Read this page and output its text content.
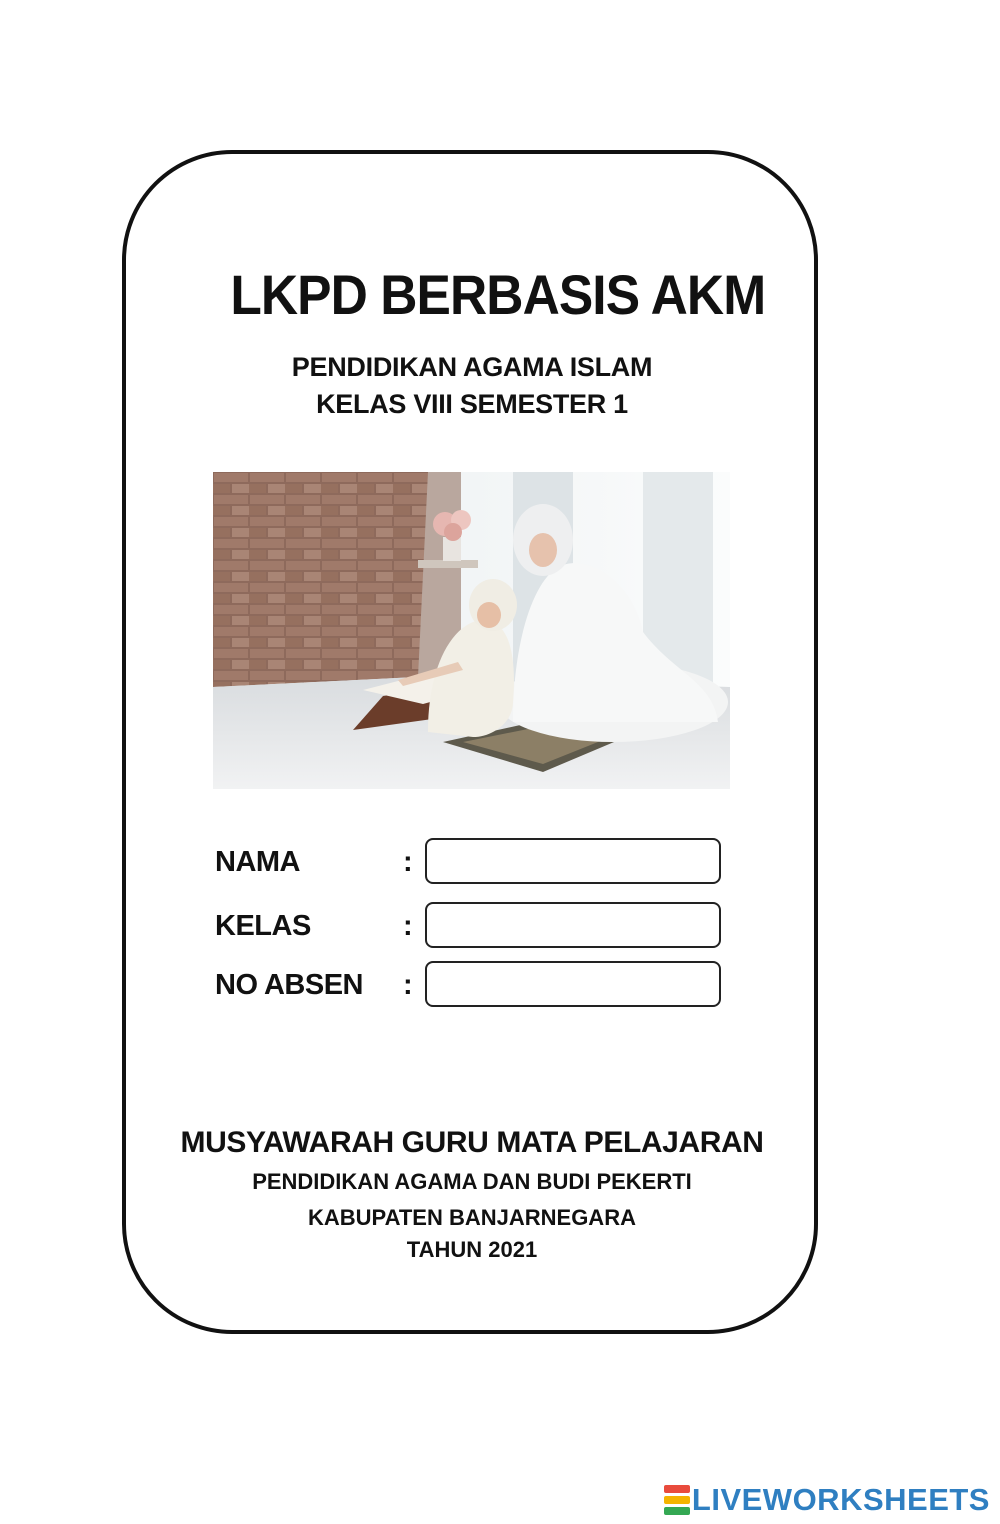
LKPD BERBASIS AKM
PENDIDIKAN AGAMA ISLAM
KELAS VIII SEMESTER 1
NAMA	:
KELAS	:
NO ABSEN :
MUSYAWARAH GURU MATA PELAJARAN
PENDIDIKAN AGAMA DAN BUDI PEKERTI
KABUPATEN BANJARNEGARA
TAHUN 2021
LIVEWORKSHEETS
